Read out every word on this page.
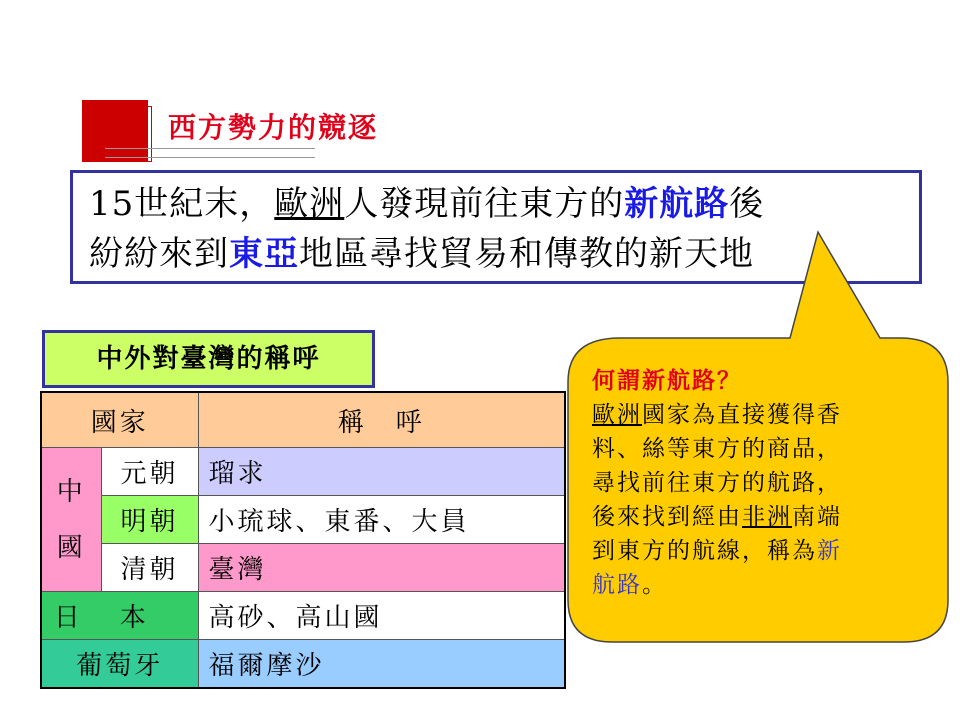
西方勢力的競逐
15世紀末，歐洲人發現前往東方的新航路後
紛紛來到東亞地區尋找貿易和傳教的新天地
何謂新航路？
歐洲國家為直接獲得香
料、絲等東方的商品，
尋找前往東方的航路，
後來找到經由非洲南端
到東方的航線，稱為新
航路。
中外對臺灣的稱呼
國家		稱　呼
中國	元朝	瑠求
	明朝	小琉球、東番、大員
	清朝	臺灣
日本		高砂、高山國
葡萄牙		福爾摩沙
